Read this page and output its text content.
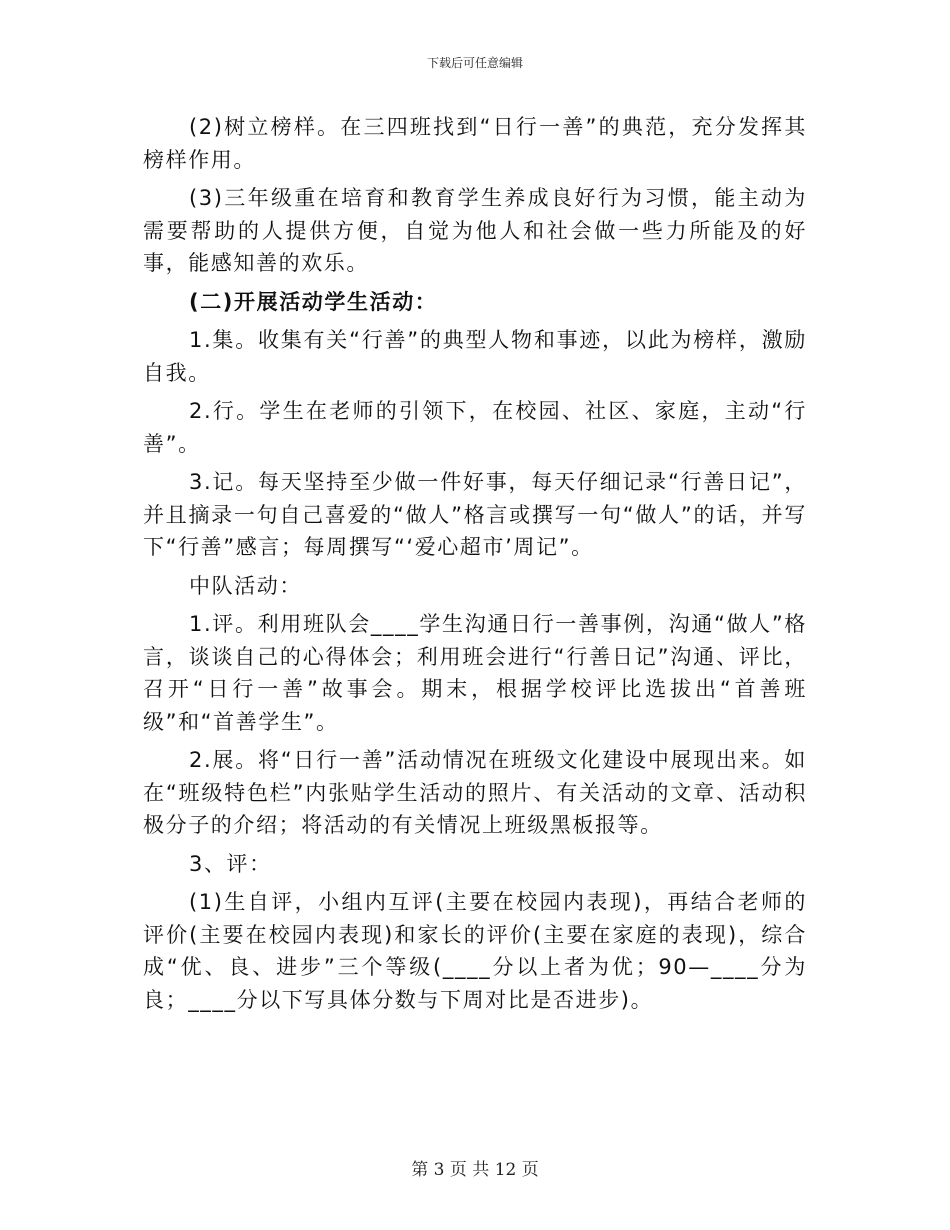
下载后可任意编辑

(2)树立榜样。在三四班找到“日行一善”的典范，充分发挥其榜样作用。

(3)三年级重在培育和教育学生养成良好行为习惯，能主动为需要帮助的人提供方便，自觉为他人和社会做一些力所能及的好事，能感知善的欢乐。

(二)开展活动学生活动：

1.集。收集有关“行善”的典型人物和事迹，以此为榜样，激励自我。

2.行。学生在老师的引领下，在校园、社区、家庭，主动“行善”。

3.记。每天坚持至少做一件好事，每天仔细记录“行善日记”，并且摘录一句自己喜爱的“做人”格言或撰写一句“做人”的话，并写下“行善”感言；每周撰写“‘爱心超市’周记”。

中队活动：

1.评。利用班队会____学生沟通日行一善事例，沟通“做人”格言，谈谈自己的心得体会；利用班会进行“行善日记”沟通、评比，召开“日行一善”故事会。期末，根据学校评比选拔出“首善班级”和“首善学生”。

2.展。将“日行一善”活动情况在班级文化建设中展现出来。如在“班级特色栏”内张贴学生活动的照片、有关活动的文章、活动积极分子的介绍；将活动的有关情况上班级黑板报等。

3、评：

(1)生自评，小组内互评(主要在校园内表现)，再结合老师的评价(主要在校园内表现)和家长的评价(主要在家庭的表现)，综合成“优、良、进步”三个等级(____分以上者为优；90—____分为良；____分以下写具体分数与下周对比是否进步)。

第 3 页 共 12 页
